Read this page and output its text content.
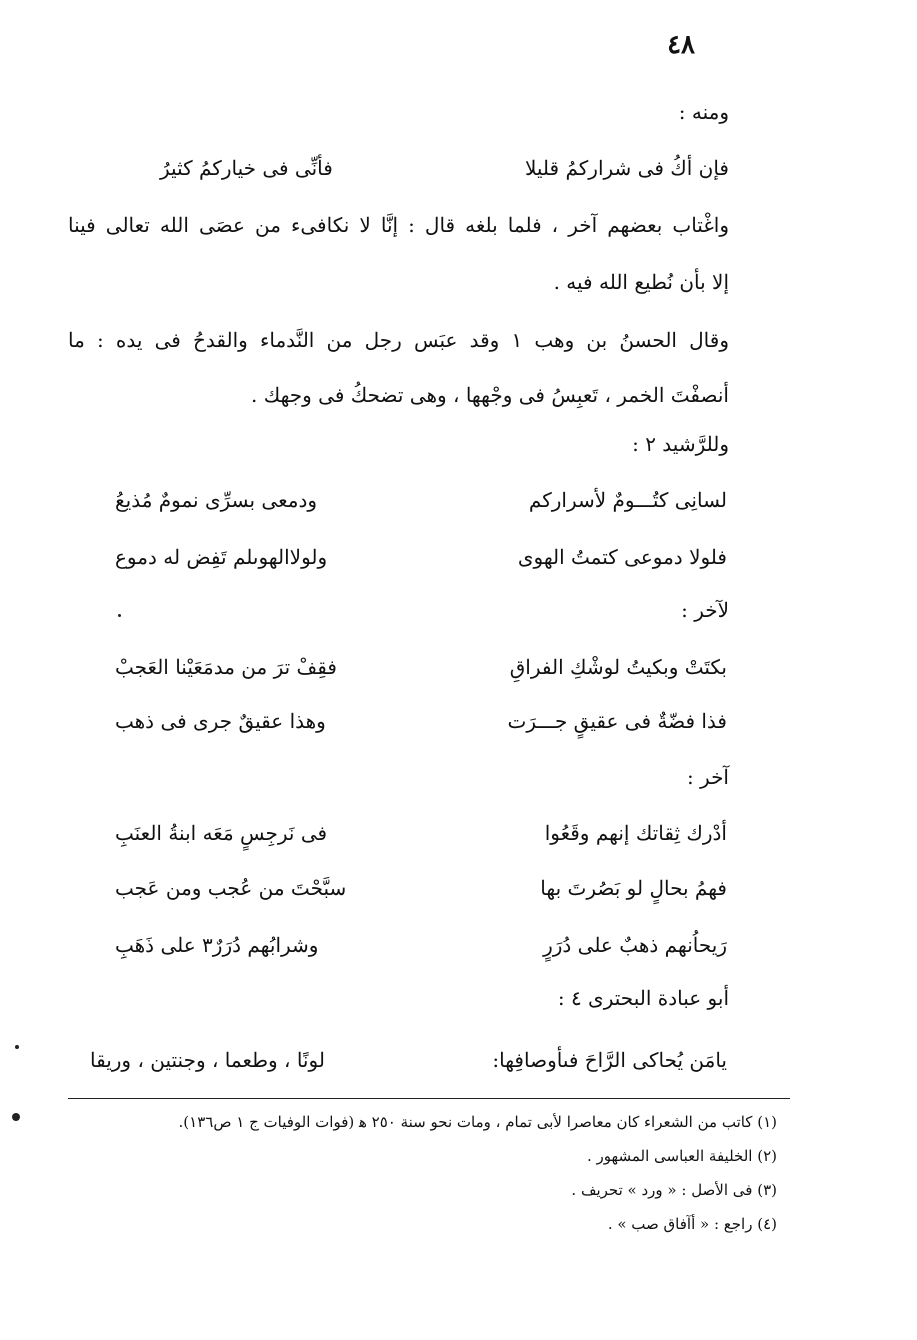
٤٨
ومنه :
واغْتاب بعضهم آخر ، فلما بلغه قال : إنَّا لا نكافىء من عصَى الله تعالى فينا
إلا بأن نُطيع الله فيه .
وقال الحسنُ بن وهب ١ وقد عبَس رجل من النَّدماء والقدحُ فى يده : ما
أنصفْتَ الخمر ، تَعبِسُ فى وجْهها ، وهى تضحكُ فى وجهك .
وللرَّشيد ٢ :
لآخر :
آخر :
أبو عبادة البحترى ٤ :
فإن أكُ فى شراركمُ قليلا
فأنِّى فى خياركمُ كثيرُ
لسانِى كتُـــومٌ لأسراركم
ودمعى بسرِّى نمومٌ مُذيعُ
فلولا دموعى كتمتُ الهوى
ولولاالهوىلم تَفِض له دموع
بكتَتْ وبكيتُ لوشْكِ الفراقِ
فقِفْ ترَ من مدمَعَيْنا العَجبْ
فذا فضّةٌ فى عقيقٍ جـــرَت
وهذا عقيقٌ جرى فى ذهب
أدْرك ثِقاتك إنهم وقَعُوا
فى نَرجِسٍ مَعَه ابنةُ العنَبِ
فهمُ بحالٍ لو بَصُرتَ بها
سبَّحْتَ من عُجب ومن عَجب
رَيحاُنهم ذهبٌ على دُرَرٍ
وشرابُهم دُرَرٌ٣ على ذَهَبِ
يامَن يُحاكى الرَّاحَ فىأوصافِها:
لونًا ، وطعما ، وجنتين ، وريقا
(١) كاتب من الشعراء كان معاصرا لأبى تمام ، ومات نحو سنة ٢٥٠ ﻫ (فوات الوفيات ج ١ ص١٣٦).
(٢) الخليفة العباسى المشهور .
(٣) فى الأصل : « ورد » تحريف .
(٤) راجع : « أآفاق صب » .
